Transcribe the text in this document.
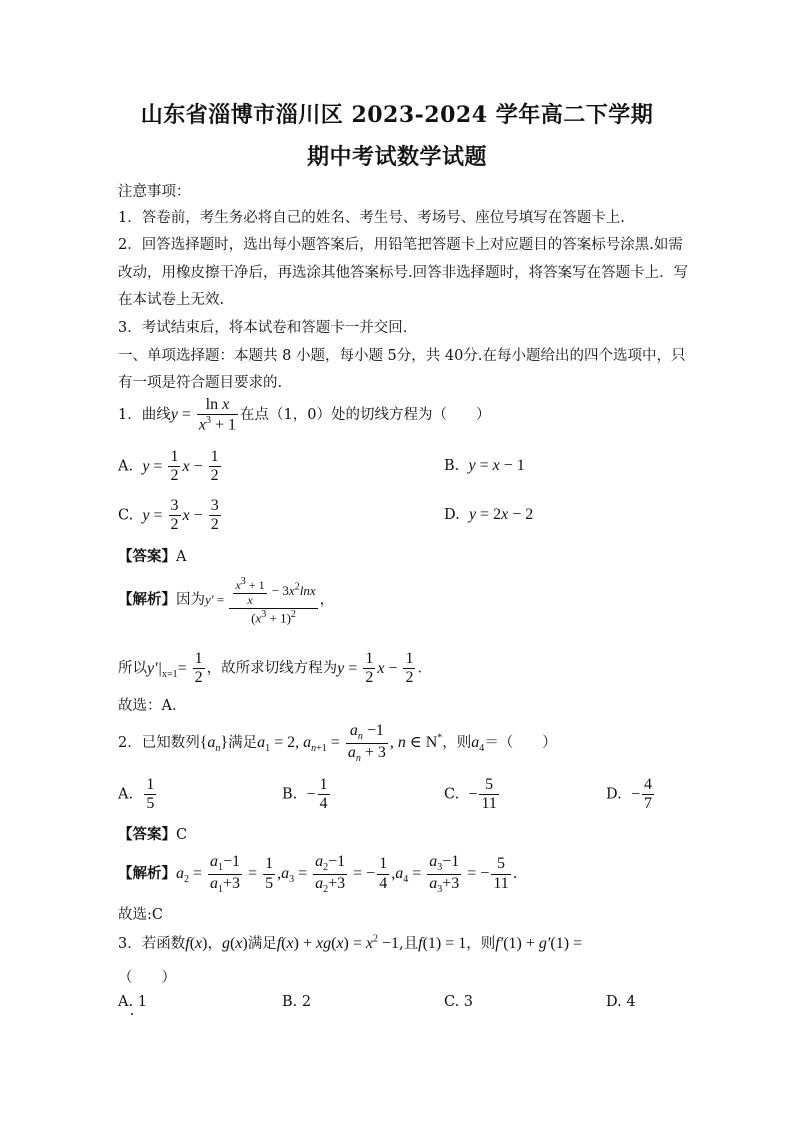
山东省淄博市淄川区 2023-2024 学年高二下学期
期中考试数学试题
注意事项：
1．答卷前，考生务必将自己的姓名、考生号、考场号、座位号填写在答题卡上.
2．回答选择题时，选出每小题答案后，用铅笔把答题卡上对应题目的答案标号涂黑.如需
改动，用橡皮擦干净后，再选涂其他答案标号.回答非选择题时，将答案写在答题卡上．写
在本试卷上无效.
3．考试结束后，将本试卷和答题卡一并交回.
一、单项选择题：本题共 8 小题，每小题 5分，共 40分.在每小题给出的四个选项中，只
有一项是符合题目要求的.
1．曲线$y = \frac{\text{ln x}}{x^3 + 1}$ 在点（1，0）处的切线方程为（　　）
A. $y = \frac{1}{2}$ $x - \frac{1}{2}$	B. y = x − 1
C. $y = \frac{3}{2}$ $x - \frac{3}{2}$	D. y = 2x − 2
【答案】A
【解析】因为$y' = \frac{\frac{x^3 + 1}{x} - 3x^2\ln x}{(x^3 + 1)^2}$ ，
所以$y'|_{x=1}= \frac{1}{2}$ ，故所求切线方程为$y = \frac{1}{2}$ $x - \frac{1}{2}$ ．
故选：A．
2．已知数列$\{a_n\}$满足$a_1 = 2$, $a_{n+1} = \frac{a_n -1}{a_n + 3}$ , n ∈ N*，则$a_4=$（　　）
A. $\frac{1}{5}$	B. − $\frac{1}{4}$	C. − $\frac{5}{11}$	D. − $\frac{4}{7}$
【答案】C
【解析】$a_2 = \frac{a_1-1}{a_1+3} = \frac{1}{5} ,a_3 = \frac{a_2-1}{a_2+3}$ = − $\frac{1}{4} ,a_4 = \frac{a_3-1}{a_3+3}$ = − $\frac{5}{11}$ .
故选:C
3．若函数f(x)，g(x)满足$f(x) + xg(x) = x^2 -1$,且f(1) = 1，则f′(1) + g′(1) =
（　　）
A. 1	B. 2	C. 3	D. 4
